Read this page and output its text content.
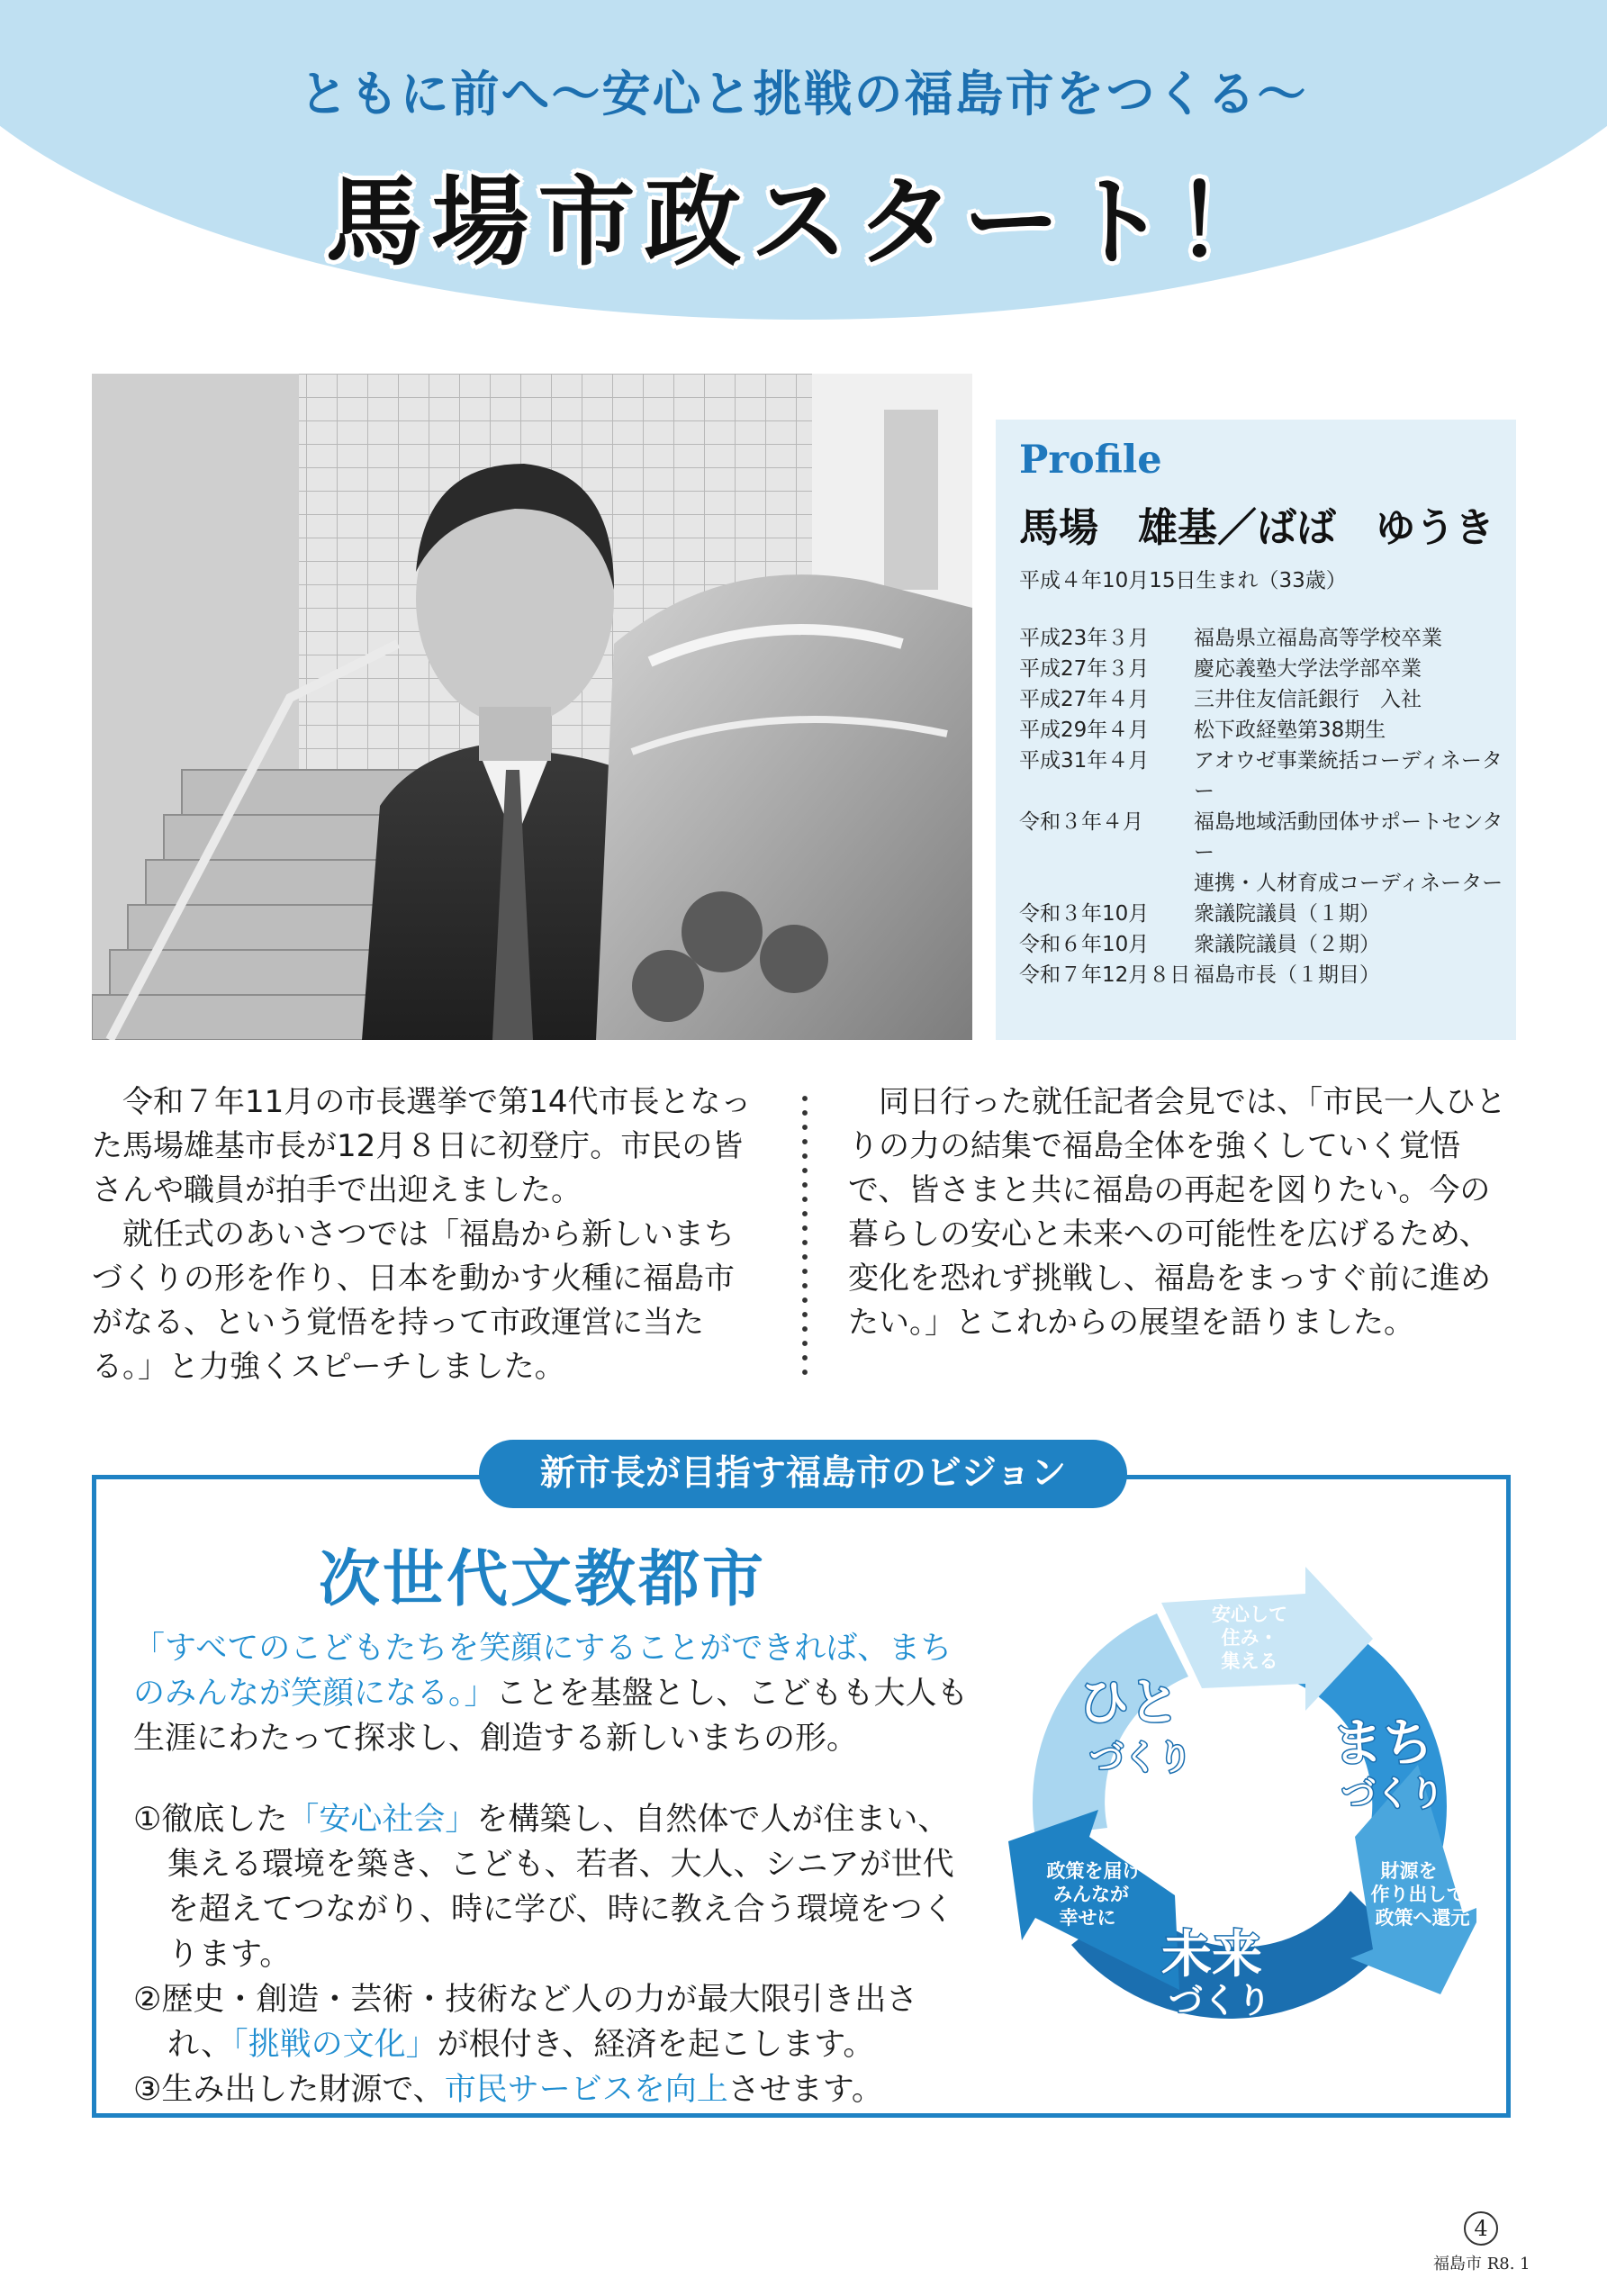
ともに前へ〜安心と挑戦の福島市をつくる〜
馬場市政スタート！
Profile
馬場　雄基／ばば　ゆうき
平成４年10月15日生まれ（33歳）
平成23年３月	福島県立福島高等学校卒業
平成27年３月	慶応義塾大学法学部卒業
平成27年４月	三井住友信託銀行　入社
平成29年４月	松下政経塾第38期生
平成31年４月	アオウゼ事業統括コーディネーター
令和３年４月	福島地域活動団体サポートセンター
連携・人材育成コーディネーター
令和３年10月	衆議院議員（１期）
令和６年10月	衆議院議員（２期）
令和７年12月８日 福島市長（１期目）

令和７年11月の市長選挙で第14代市長となった馬場雄基市長が12月８日に初登庁。市民の皆さんや職員が拍手で出迎えました。

就任式のあいさつでは「福島から新しいまちづくりの形を作り、日本を動かす火種に福島市がなる、という覚悟を持って市政運営に当たる。」と力強くスピーチしました。

同日行った就任記者会見では、「市民一人ひとりの力の結集で福島全体を強くしていく覚悟で、皆さまと共に福島の再起を図りたい。今の暮らしの安心と未来への可能性を広げるため、変化を恐れず挑戦し、福島をまっすぐ前に進めたい。」とこれからの展望を語りました。

新市長が目指す福島市のビジョン
次世代文教都市
「すべてのこどもたちを笑顔にすることができれば、まちのみんなが笑顔になる。」ことを基盤とし、こどもも大人も生涯にわたって探求し、創造する新しいまちの形。
①徹底した「安心社会」を構築し、自然体で人が住まい、集える環境を築き、こども、若者、大人、シニアが世代を超えてつながり、時に学び、時に教え合う環境をつくります。
②歴史・創造・芸術・技術など人の力が最大限引き出され、「挑戦の文化」が根付き、経済を起こします。
③生み出した財源で、市民サービスを向上させます。
安心して
住み・
集える
財源を
作り出して
政策へ還元
政策を届け
みんなが
幸せに
ひと
づくり	まち
づくり
未来
づくり
4
福島市 R8. 1
